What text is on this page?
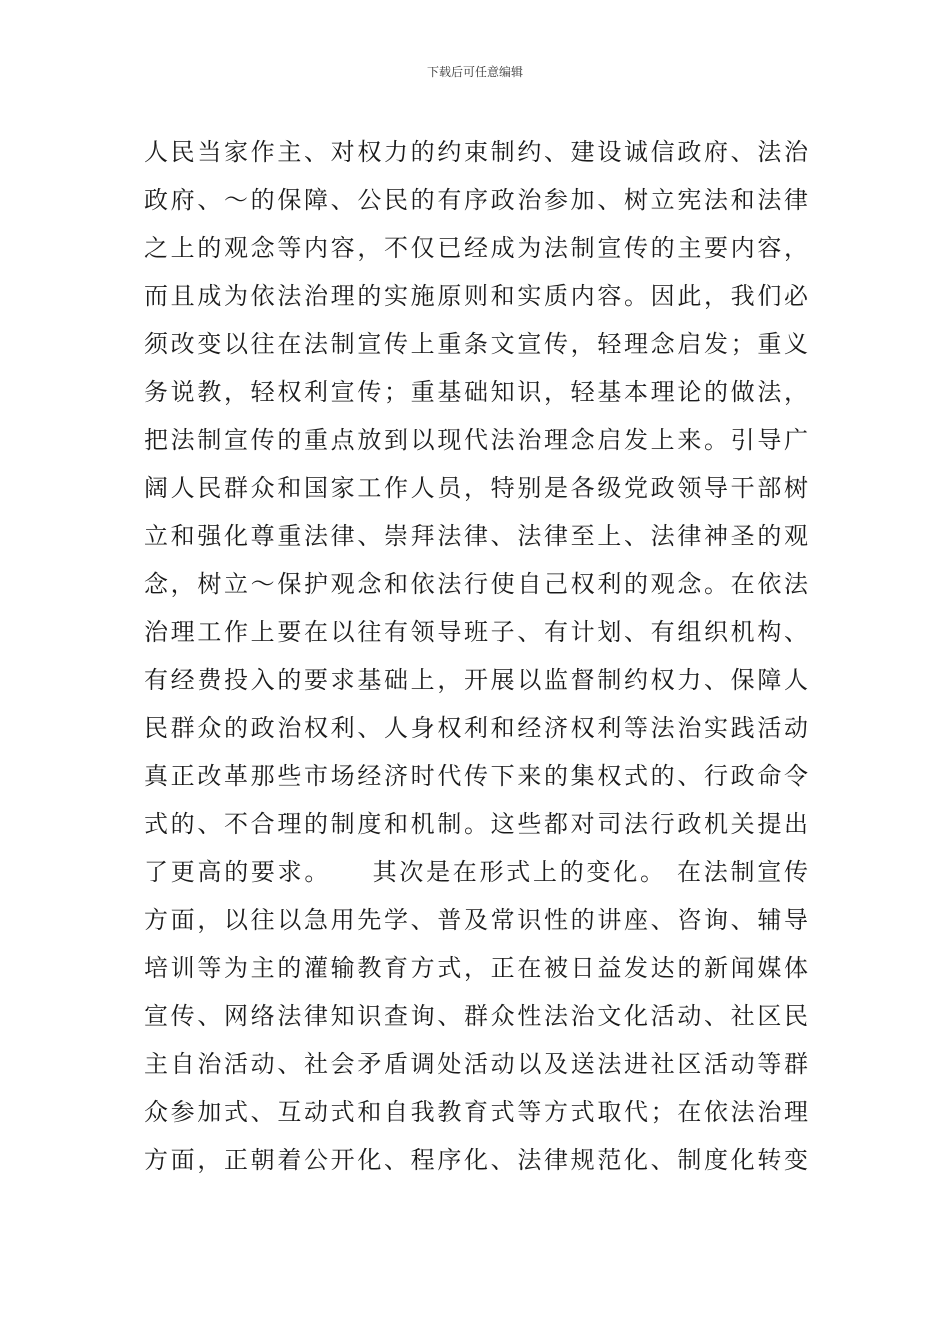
下载后可任意编辑
人民当家作主、对权力的约束制约、建设诚信政府、法治
政府、～的保障、公民的有序政治参加、树立宪法和法律
之上的观念等内容，不仅已经成为法制宣传的主要内容，
而且成为依法治理的实施原则和实质内容。因此，我们必
须改变以往在法制宣传上重条文宣传，轻理念启发；重义
务说教，轻权利宣传；重基础知识，轻基本理论的做法，
把法制宣传的重点放到以现代法治理念启发上来。引导广
阔人民群众和国家工作人员，特别是各级党政领导干部树
立和强化尊重法律、崇拜法律、法律至上、法律神圣的观
念，树立～保护观念和依法行使自己权利的观念。在依法
治理工作上要在以往有领导班子、有计划、有组织机构、
有经费投入的要求基础上，开展以监督制约权力、保障人
民群众的政治权利、人身权利和经济权利等法治实践活动
真正改革那些市场经济时代传下来的集权式的、行政命令
式的、不合理的制度和机制。这些都对司法行政机关提出
了更高的要求。　　其次是在形式上的变化。 在法制宣传
方面，以往以急用先学、普及常识性的讲座、咨询、辅导
培训等为主的灌输教育方式，正在被日益发达的新闻媒体
宣传、网络法律知识查询、群众性法治文化活动、社区民
主自治活动、社会矛盾调处活动以及送法进社区活动等群
众参加式、互动式和自我教育式等方式取代；在依法治理
方面，正朝着公开化、程序化、法律规范化、制度化转变
